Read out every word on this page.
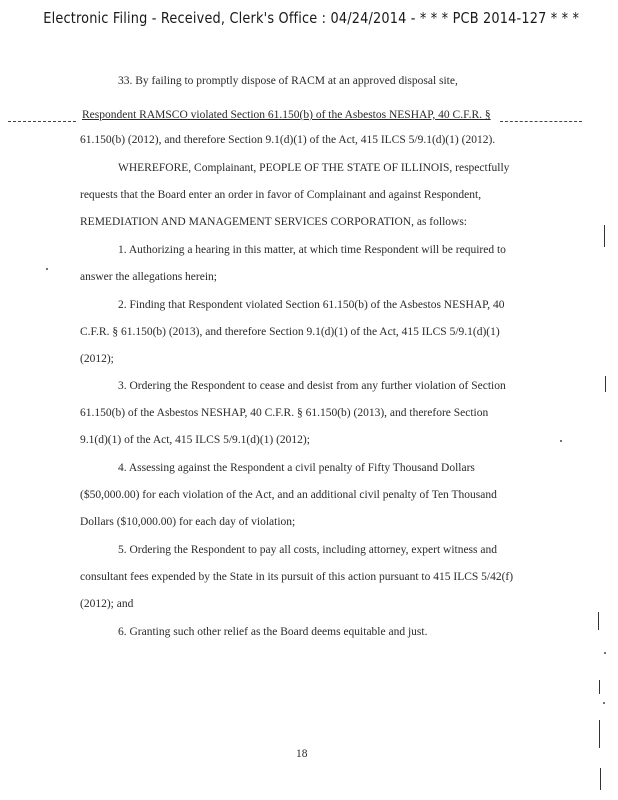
Electronic Filing - Received, Clerk's Office : 04/24/2014 - * * * PCB 2014-127 * * *
33. By failing to promptly dispose of RACM at an approved disposal site,
Respondent RAMSCO violated Section 61.150(b) of the Asbestos NESHAP, 40 C.F.R. §
61.150(b) (2012), and therefore Section 9.1(d)(1) of the Act, 415 ILCS 5/9.1(d)(1) (2012).
WHEREFORE, Complainant, PEOPLE OF THE STATE OF ILLINOIS, respectfully
requests that the Board enter an order in favor of Complainant and against Respondent,
REMEDIATION AND MANAGEMENT SERVICES CORPORATION, as follows:
1. Authorizing a hearing in this matter, at which time Respondent will be required to
answer the allegations herein;
2. Finding that Respondent violated Section 61.150(b) of the Asbestos NESHAP, 40
C.F.R. § 61.150(b) (2013), and therefore Section 9.1(d)(1) of the Act, 415 ILCS 5/9.1(d)(1)
(2012);
3. Ordering the Respondent to cease and desist from any further violation of Section
61.150(b) of the Asbestos NESHAP, 40 C.F.R. § 61.150(b) (2013), and therefore Section
9.1(d)(1) of the Act, 415 ILCS 5/9.1(d)(1) (2012);
4. Assessing against the Respondent a civil penalty of Fifty Thousand Dollars
($50,000.00) for each violation of the Act, and an additional civil penalty of Ten Thousand
Dollars ($10,000.00) for each day of violation;
5. Ordering the Respondent to pay all costs, including attorney, expert witness and
consultant fees expended by the State in its pursuit of this action pursuant to 415 ILCS 5/42(f)
(2012); and
6. Granting such other relief as the Board deems equitable and just.
18
